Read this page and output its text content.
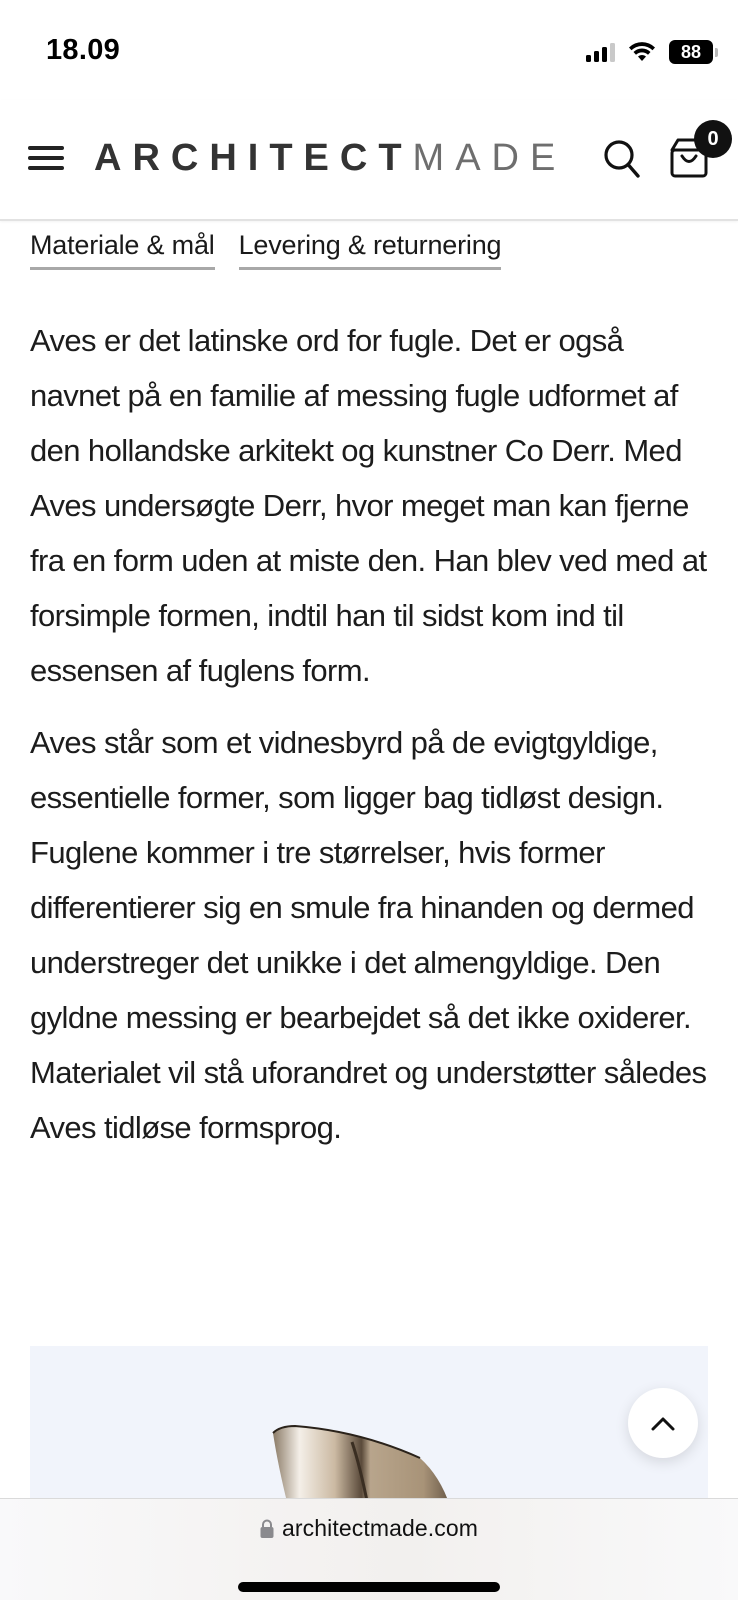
18.09	88
ARCHITECTMADE	0
Materiale & mål Levering & returnering

Aves er det latinske ord for fugle. Det er også navnet på en familie af messing fugle udformet af den hollandske arkitekt og kunstner Co Derr. Med Aves undersøgte Derr, hvor meget man kan fjerne fra en form uden at miste den. Han blev ved med at forsimple formen, indtil han til sidst kom ind til essensen af fuglens form.

Aves står som et vidnesbyrd på de evigtgyldige, essentielle former, som ligger bag tidløst design. Fuglene kommer i tre størrelser, hvis former differentierer sig en smule fra hinanden og dermed understreger det unikke i det almengyldige. Den gyldne messing er bearbejdet så det ikke oxiderer. Materialet vil stå uforandret og understøtter således Aves tidløse formsprog.

architectmade.com
